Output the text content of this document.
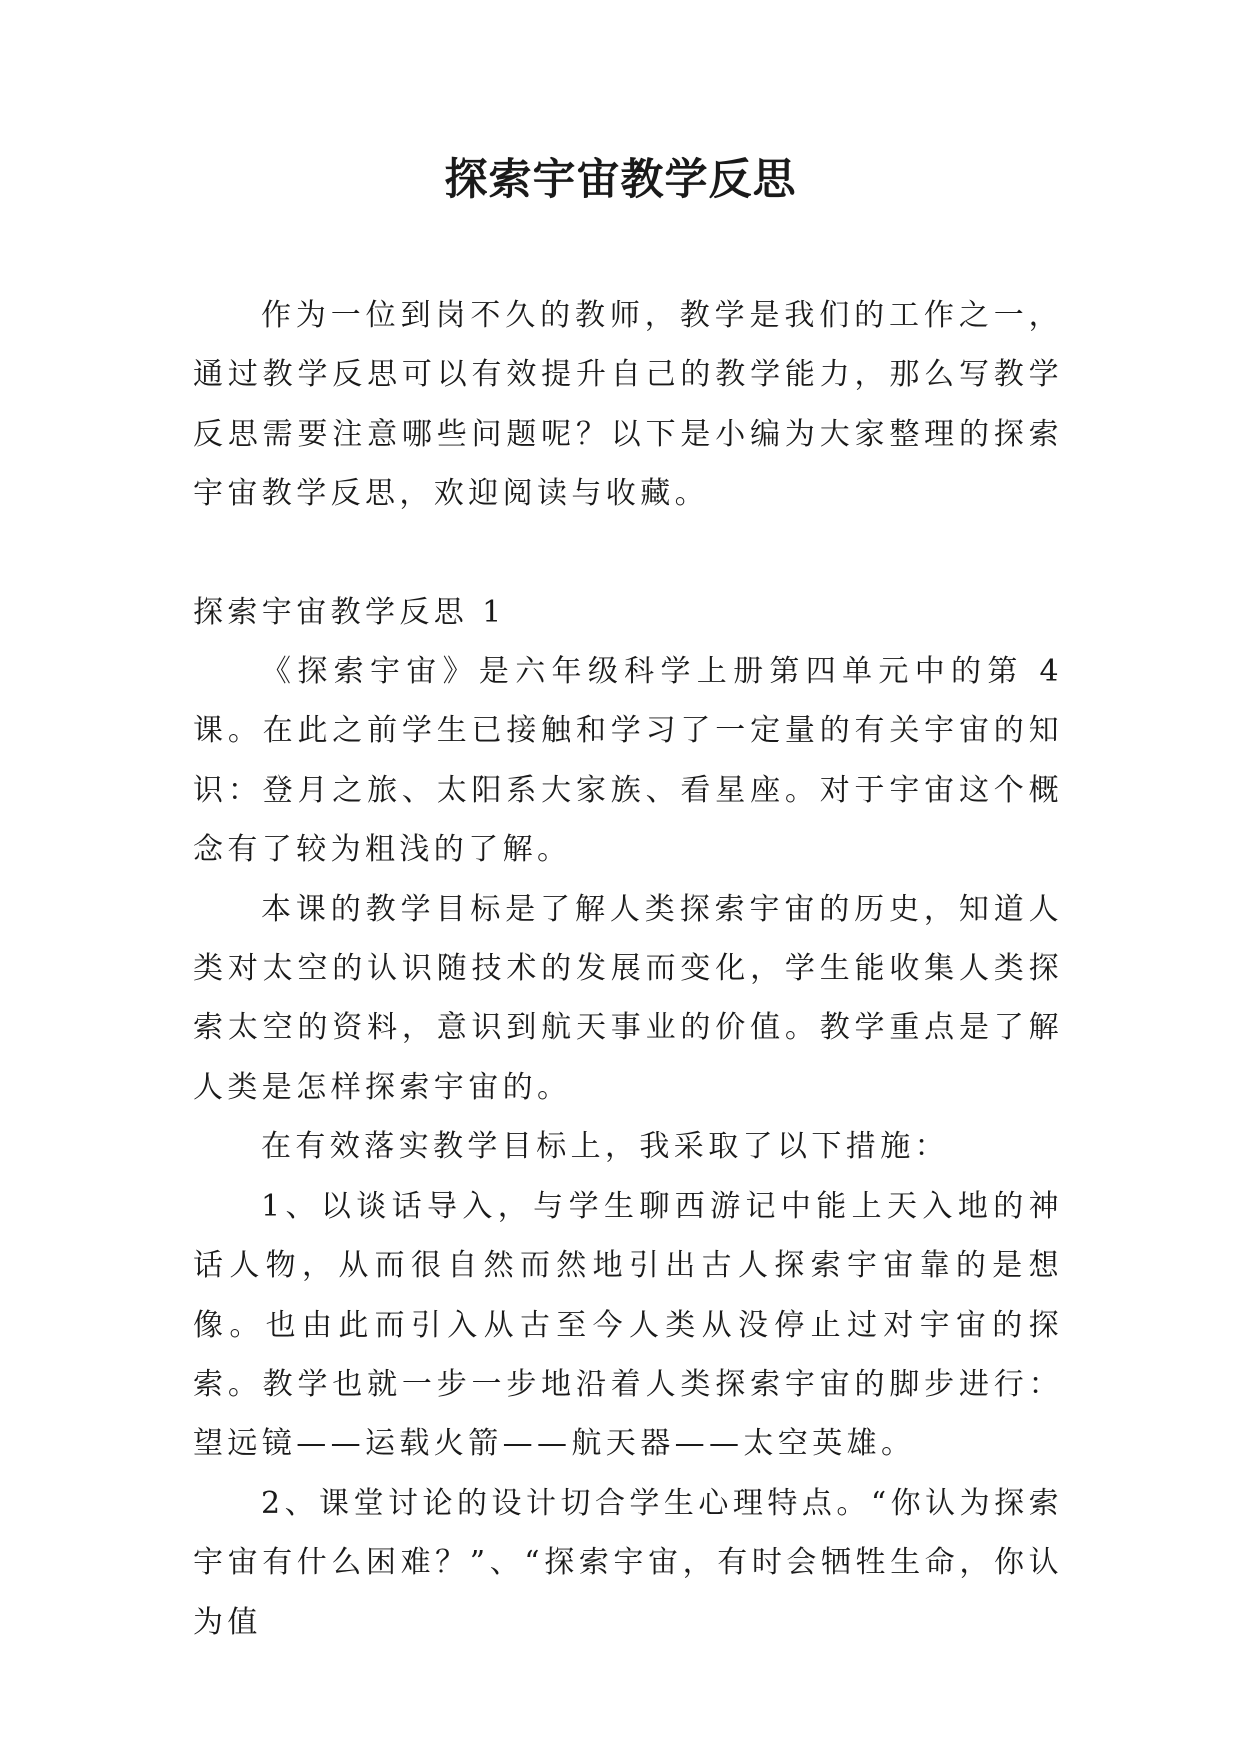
探索宇宙教学反思

作为一位到岗不久的教师，教学是我们的工作之一，通过教学反思可以有效提升自己的教学能力，那么写教学反思需要注意哪些问题呢？以下是小编为大家整理的探索宇宙教学反思，欢迎阅读与收藏。

探索宇宙教学反思 1

《探索宇宙》是六年级科学上册第四单元中的第 4 课。在此之前学生已接触和学习了一定量的有关宇宙的知识：登月之旅、太阳系大家族、看星座。对于宇宙这个概念有了较为粗浅的了解。

本课的教学目标是了解人类探索宇宙的历史，知道人类对太空的认识随技术的发展而变化，学生能收集人类探索太空的资料，意识到航天事业的价值。教学重点是了解人类是怎样探索宇宙的。

在有效落实教学目标上，我采取了以下措施：

1、以谈话导入，与学生聊西游记中能上天入地的神话人物，从而很自然而然地引出古人探索宇宙靠的是想像。也由此而引入从古至今人类从没停止过对宇宙的探索。教学也就一步一步地沿着人类探索宇宙的脚步进行：望远镜——运载火箭——航天器——太空英雄。

2、课堂讨论的设计切合学生心理特点。“你认为探索宇宙有什么困难？”、“探索宇宙，有时会牺牲生命，你认为值
